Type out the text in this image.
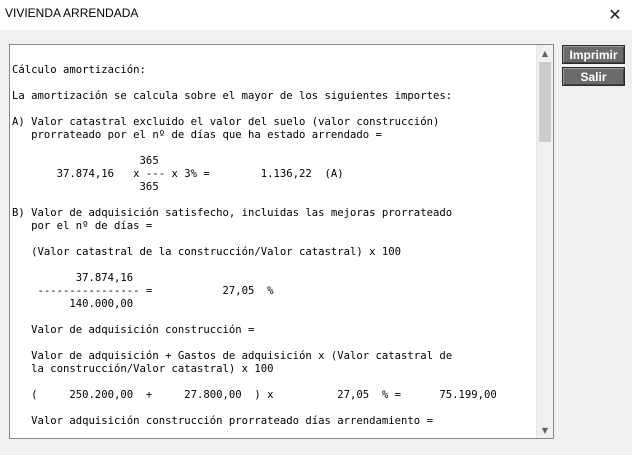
VIVIENDA ARRENDADA	✕
Cálculo amortización:
La amortización se calcula sobre el mayor de los siguientes importes:
A) Valor catastral excluido el valor del suelo (valor construcción)
prorrateado por el nº de días que ha estado arrendado =
365
37.874,16   x --- x 3% =        1.136,22  (A)
365
B) Valor de adquisición satisfecho, incluidas las mejoras prorrateado
por el nº de días =
(Valor catastral de la construcción/Valor catastral) x 100
37.874,16
---------------- =           27,05  %
140.000,00
Valor de adquisición construcción =
Valor de adquisición + Gastos de adquisición x (Valor catastral de
la construcción/Valor catastral) x 100
(     250.200,00  +     27.800,00  ) x          27,05  % =      75.199,00
Valor adquisición construcción prorrateado días arrendamiento =
▲
▼
Imprimir
Salir
